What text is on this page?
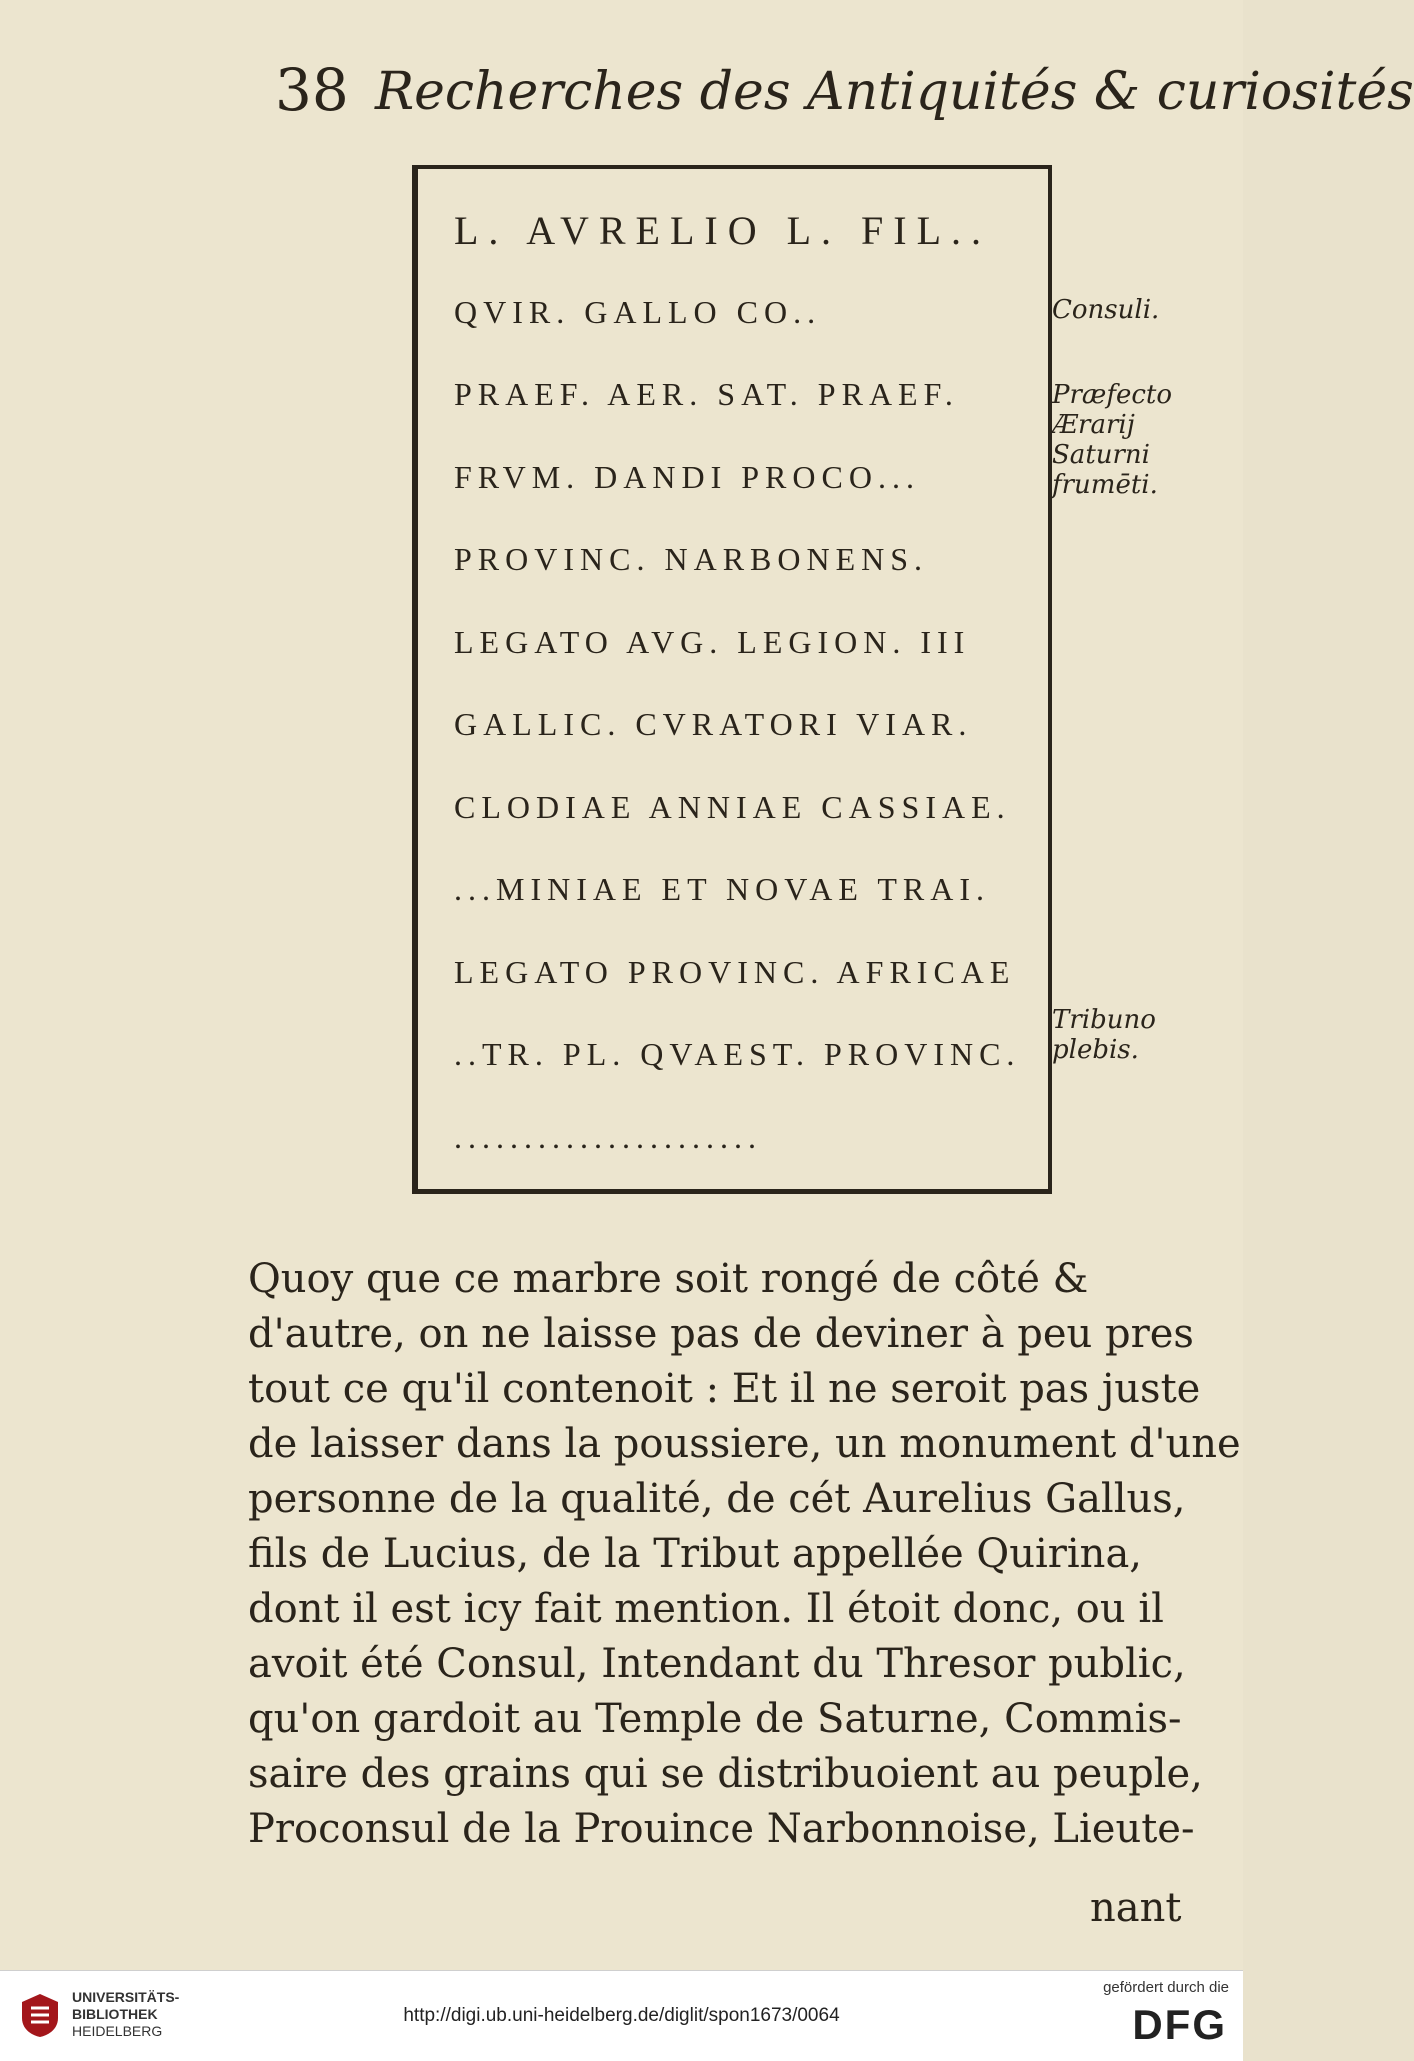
38 Recherches des Antiquités & curiosités
L. AVRELIO L. FIL..
QVIR. GALLO CO..
PRAEF. AER. SAT. PRAEF.
FRVM. DANDI PROCO...
PROVINC. NARBONENS.
LEGATO AVG. LEGION. III
GALLIC. CVRATORI VIAR.
CLODIAE ANNIAE CASSIAE.
...MINIAE ET NOVAE TRAI.
LEGATO PROVINC. AFRICAE
..TR. PL. QVAEST. PROVINC.
......................
Consuli.
Præfecto
Ærarij
Saturni
frumēti.
Tribuno
plebis.
Quoy que ce marbre soit rongé de côté &
d'autre, on ne laisse pas de deviner à peu pres
tout ce qu'il contenoit : Et il ne seroit pas juste
de laisser dans la poussiere, un monument d'une
personne de la qualité, de cét Aurelius Gallus,
fils de Lucius, de la Tribut appellée Quirina,
dont il est icy fait mention. Il étoit donc, ou il
avoit été Consul, Intendant du Thresor public,
qu'on gardoit au Temple de Saturne, Commis-
saire des grains qui se distribuoient au peuple,
Proconsul de la Prouince Narbonnoise, Lieute-
nant
UNIVERSITÄTS-
BIBLIOTHEK
HEIDELBERG
http://digi.ub.uni-heidelberg.de/diglit/spon1673/0064
gefördert durch die
DFG
